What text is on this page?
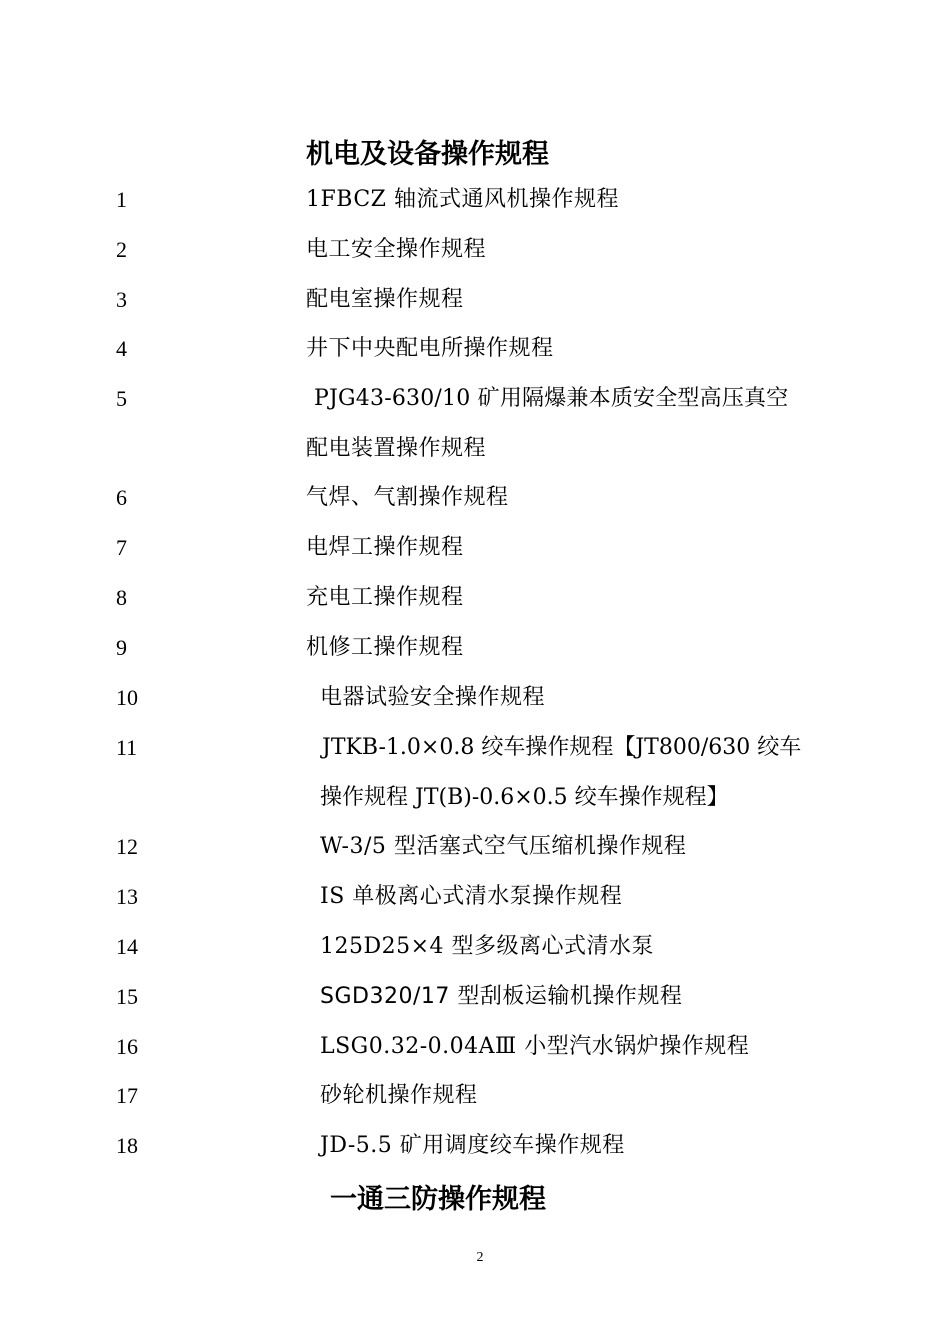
机电及设备操作规程
1	1FBCZ 轴流式通风机操作规程
2	电工安全操作规程
3	配电室操作规程
4	井下中央配电所操作规程
5	PJG43-630/10 矿用隔爆兼本质安全型高压真空
配电装置操作规程
6	气焊、气割操作规程
7	电焊工操作规程
8	充电工操作规程
9	机修工操作规程
10	电器试验安全操作规程
11	JTKB-1.0×0.8 绞车操作规程【JT800/630 绞车
操作规程 JT(B)-0.6×0.5 绞车操作规程】
12	W-3/5 型活塞式空气压缩机操作规程
13	IS 单极离心式清水泵操作规程
14	125D25×4 型多级离心式清水泵
15	SGD320/17 型刮板运输机操作规程
16	LSG0.32-0.04AⅢ 小型汽水锅炉操作规程
17	砂轮机操作规程
18	JD-5.5 矿用调度绞车操作规程
一通三防操作规程
2
